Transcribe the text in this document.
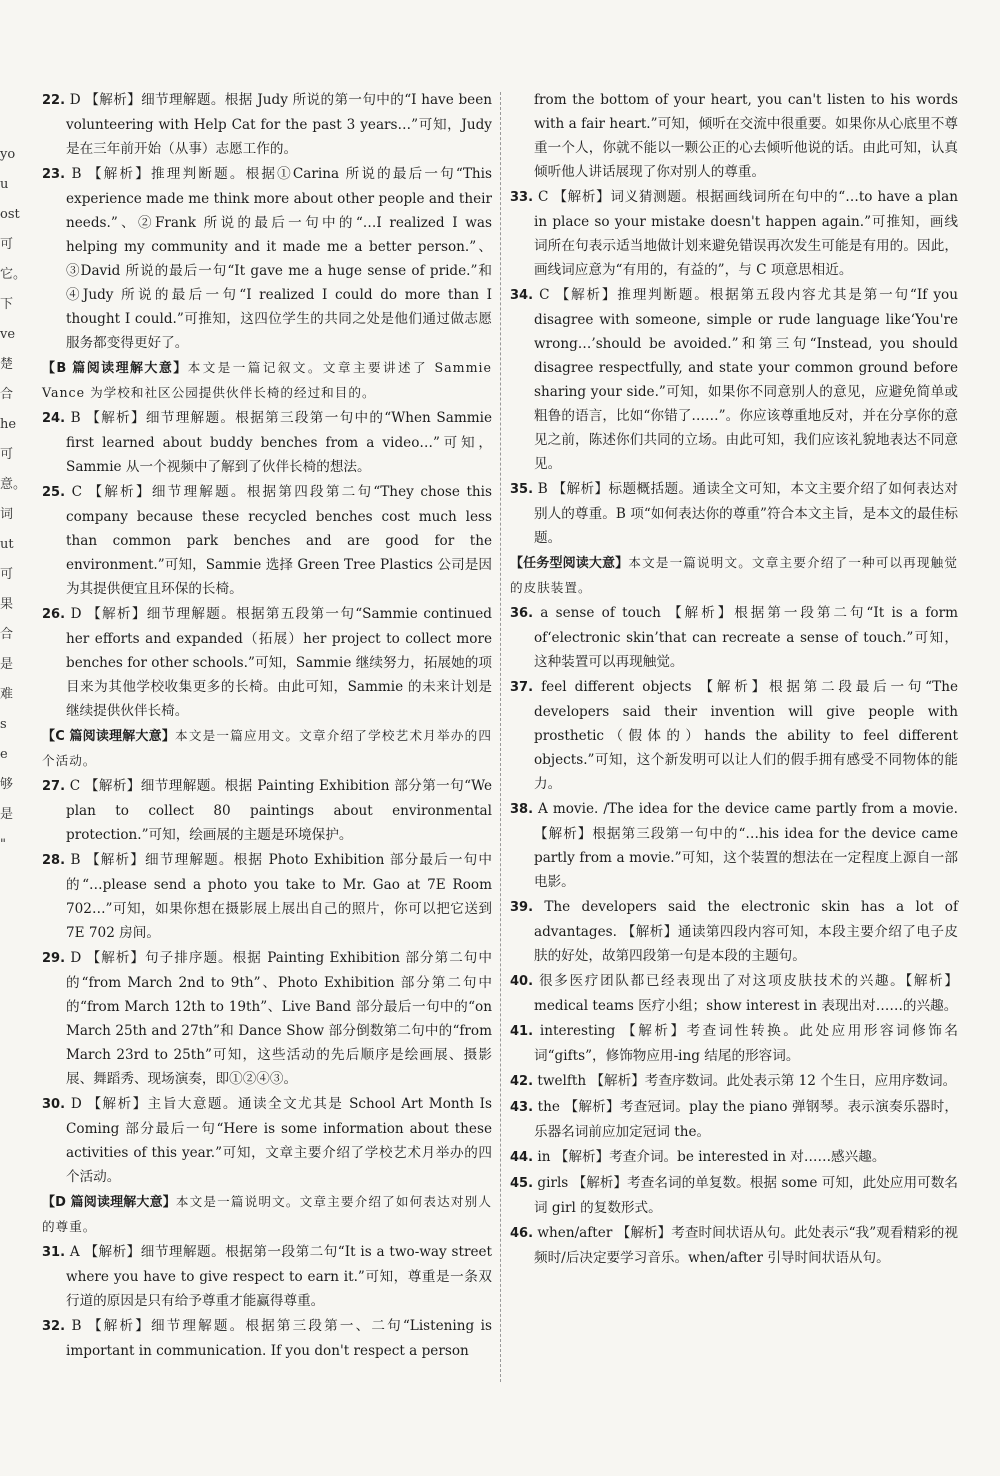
you
ost
可
它。
下
ve
楚
合
he
可
意。
词
ut
可
果
合
是
难
s
e
够
是
"
22. D 【解析】细节理解题。根据 Judy 所说的第一句中的“I have been volunteering with Help Cat for the past 3 years…”可知，Judy 是在三年前开始（从事）志愿工作的。
23. B 【解析】推理判断题。根据①Carina 所说的最后一句“This experience made me think more about other people and their needs.”、②Frank 所说的最后一句中的“…I realized I was helping my community and it made me a better person.”、③David 所说的最后一句“It gave me a huge sense of pride.”和④Judy 所说的最后一句“I realized I could do more than I thought I could.”可推知，这四位学生的共同之处是他们通过做志愿服务都变得更好了。
【B 篇阅读理解大意】本文是一篇记叙文。文章主要讲述了 Sammie Vance 为学校和社区公园提供伙伴长椅的经过和目的。
24. B 【解析】细节理解题。根据第三段第一句中的“When Sammie first learned about buddy benches from a video…”可知，Sammie 从一个视频中了解到了伙伴长椅的想法。
25. C 【解析】细节理解题。根据第四段第二句“They chose this company because these recycled benches cost much less than common park benches and are good for the environment.”可知，Sammie 选择 Green Tree Plastics 公司是因为其提供便宜且环保的长椅。
26. D 【解析】细节理解题。根据第五段第一句“Sammie continued her efforts and expanded（拓展）her project to collect more benches for other schools.”可知，Sammie 继续努力，拓展她的项目来为其他学校收集更多的长椅。由此可知，Sammie 的未来计划是继续提供伙伴长椅。
【C 篇阅读理解大意】本文是一篇应用文。文章介绍了学校艺术月举办的四个活动。
27. C 【解析】细节理解题。根据 Painting Exhibition 部分第一句“We plan to collect 80 paintings about environmental protection.”可知，绘画展的主题是环境保护。
28. B 【解析】细节理解题。根据 Photo Exhibition 部分最后一句中的“…please send a photo you take to Mr. Gao at 7E Room 702…”可知，如果你想在摄影展上展出自己的照片，你可以把它送到 7E 702 房间。
29. D 【解析】句子排序题。根据 Painting Exhibition 部分第二句中的“from March 2nd to 9th”、Photo Exhibition 部分第二句中的“from March 12th to 19th”、Live Band 部分最后一句中的“on March 25th and 27th”和 Dance Show 部分倒数第二句中的“from March 23rd to 25th”可知，这些活动的先后顺序是绘画展、摄影展、舞蹈秀、现场演奏，即①②④③。
30. D 【解析】主旨大意题。通读全文尤其是 School Art Month Is Coming 部分最后一句“Here is some information about these activities of this year.”可知，文章主要介绍了学校艺术月举办的四个活动。
【D 篇阅读理解大意】本文是一篇说明文。文章主要介绍了如何表达对别人的尊重。
31. A 【解析】细节理解题。根据第一段第二句“It is a two-way street where you have to give respect to earn it.”可知，尊重是一条双行道的原因是只有给予尊重才能赢得尊重。
32. B 【解析】细节理解题。根据第三段第一、二句“Listening is important in communication. If you don't respect a person
from the bottom of your heart, you can't listen to his words with a fair heart.”可知，倾听在交流中很重要。如果你从心底里不尊重一个人，你就不能以一颗公正的心去倾听他说的话。由此可知，认真倾听他人讲话展现了你对别人的尊重。
33. C 【解析】词义猜测题。根据画线词所在句中的“…to have a plan in place so your mistake doesn't happen again.”可推知，画线词所在句表示适当地做计划来避免错误再次发生可能是有用的。因此，画线词应意为“有用的，有益的”，与 C 项意思相近。
34. C 【解析】推理判断题。根据第五段内容尤其是第一句“If you disagree with someone, simple or rude language like‘You're wrong…’should be avoided.”和第三句“Instead, you should disagree respectfully, and state your common ground before sharing your side.”可知，如果你不同意别人的意见，应避免简单或粗鲁的语言，比如“你错了……”。你应该尊重地反对，并在分享你的意见之前，陈述你们共同的立场。由此可知，我们应该礼貌地表达不同意见。
35. B 【解析】标题概括题。通读全文可知，本文主要介绍了如何表达对别人的尊重。B 项“如何表达你的尊重”符合本文主旨，是本文的最佳标题。
【任务型阅读大意】本文是一篇说明文。文章主要介绍了一种可以再现触觉的皮肤装置。
36. a sense of touch 【解析】根据第一段第二句“It is a form of‘electronic skin’that can recreate a sense of touch.”可知，这种装置可以再现触觉。
37. feel different objects 【解析】根据第二段最后一句“The developers said their invention will give people with prosthetic（假体的）hands the ability to feel different objects.”可知，这个新发明可以让人们的假手拥有感受不同物体的能力。
38. A movie. /The idea for the device came partly from a movie. 【解析】根据第三段第一句中的“…his idea for the device came partly from a movie.”可知，这个装置的想法在一定程度上源自一部电影。
39. The developers said the electronic skin has a lot of advantages. 【解析】通读第四段内容可知，本段主要介绍了电子皮肤的好处，故第四段第一句是本段的主题句。
40. 很多医疗团队都已经表现出了对这项皮肤技术的兴趣。【解析】medical teams 医疗小组；show interest in 表现出对……的兴趣。
41. interesting 【解析】考查词性转换。此处应用形容词修饰名词“gifts”，修饰物应用-ing 结尾的形容词。
42. twelfth 【解析】考查序数词。此处表示第 12 个生日，应用序数词。
43. the 【解析】考查冠词。play the piano 弹钢琴。表示演奏乐器时，乐器名词前应加定冠词 the。
44. in 【解析】考查介词。be interested in 对……感兴趣。
45. girls 【解析】考查名词的单复数。根据 some 可知，此处应用可数名词 girl 的复数形式。
46. when/after 【解析】考查时间状语从句。此处表示“我”观看精彩的视频时/后决定要学习音乐。when/after 引导时间状语从句。
